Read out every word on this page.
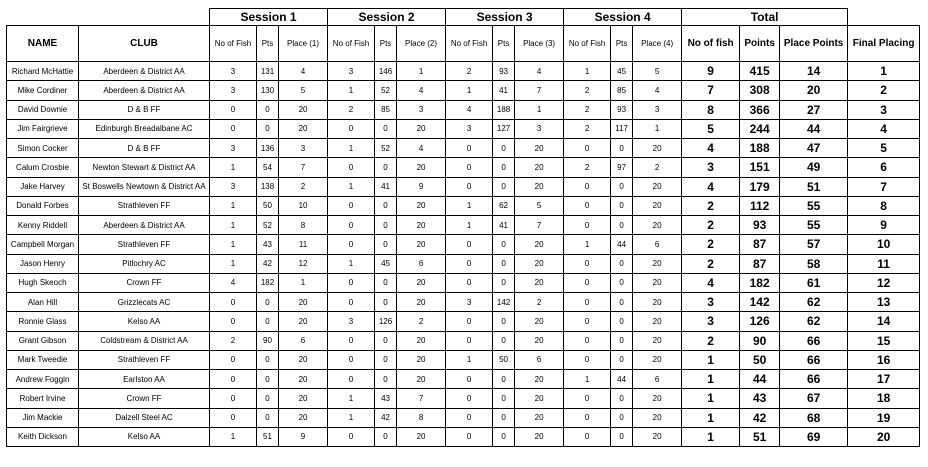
		Session 1			Session 2			Session 3			Session 4			Total			
NAME	CLUB	No of Fish	Pts	Place (1)	No of Fish	Pts	Place (2)	No of Fish	Pts	Place (3)	No of Fish	Pts	Place (4)	No of fish	Points	Place Points	Final Placing
Richard McHattie	Aberdeen & District AA	3	131	4	3	146	1	2	93	4	1	45	5	9	415	14	1
Mike Cordiner	Aberdeen & District AA	3	130	5	1	52	4	1	41	7	2	85	4	7	308	20	2
David Downie	D & B FF	0	0	20	2	85	3	4	188	1	2	93	3	8	366	27	3
Jim Fairgrieve	Edinburgh Breadalbane AC	0	0	20	0	0	20	3	127	3	2	117	1	5	244	44	4
Simon Cocker	D & B FF	3	136	3	1	52	4	0	0	20	0	0	20	4	188	47	5
Calum Crosbie	Newton Stewart & District AA	1	54	7	0	0	20	0	0	20	2	97	2	3	151	49	6
Jake Harvey	St Boswells Newtown & District AA	3	138	2	1	41	9	0	0	20	0	0	20	4	179	51	7
Donald Forbes	Strathleven FF	1	50	10	0	0	20	1	62	5	0	0	20	2	112	55	8
Kenny Riddell	Aberdeen & District AA	1	52	8	0	0	20	1	41	7	0	0	20	2	93	55	9
Campbell Morgan	Strathleven FF	1	43	11	0	0	20	0	0	20	1	44	6	2	87	57	10
Jason Henry	Pitlochry AC	1	42	12	1	45	6	0	0	20	0	0	20	2	87	58	11
Hugh Skeoch	Crown FF	4	182	1	0	0	20	0	0	20	0	0	20	4	182	61	12
Alan Hill	Grizzlecats AC	0	0	20	0	0	20	3	142	2	0	0	20	3	142	62	13
Ronnie Glass	Kelso AA	0	0	20	3	126	2	0	0	20	0	0	20	3	126	62	14
Grant Gibson	Coldstream & District AA	2	90	6	0	0	20	0	0	20	0	0	20	2	90	66	15
Mark Tweedie	Strathleven FF	0	0	20	0	0	20	1	50	6	0	0	20	1	50	66	16
Andrew Foggin	Earlston AA	0	0	20	0	0	20	0	0	20	1	44	6	1	44	66	17
Robert Irvine	Crown FF	0	0	20	1	43	7	0	0	20	0	0	20	1	43	67	18
Jim Mackie	Dalzell Steel AC	0	0	20	1	42	8	0	0	20	0	0	20	1	42	68	19
Keith Dickson	Kelso AA	1	51	9	0	0	20	0	0	20	0	0	20	1	51	69	20
